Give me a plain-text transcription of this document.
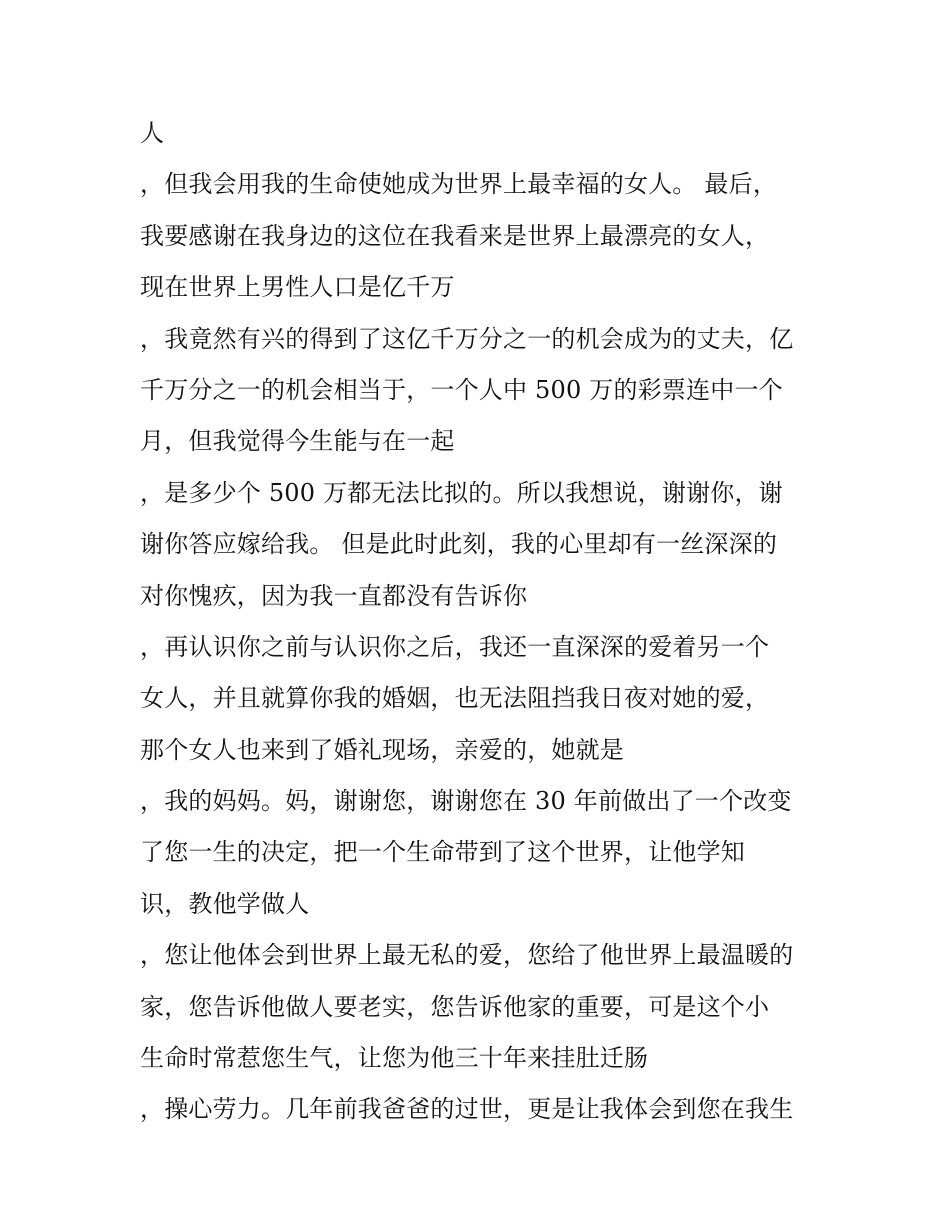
人
，但我会用我的生命使她成为世界上最幸福的女人。 最后，
我要感谢在我身边的这位在我看来是世界上最漂亮的女人，
现在世界上男性人口是亿千万
，我竟然有兴的得到了这亿千万分之一的机会成为的丈夫，亿
千万分之一的机会相当于，一个人中 500 万的彩票连中一个
月，但我觉得今生能与在一起
，是多少个 500 万都无法比拟的。所以我想说，谢谢你，谢
谢你答应嫁给我。 但是此时此刻，我的心里却有一丝深深的
对你愧疚，因为我一直都没有告诉你
，再认识你之前与认识你之后，我还一直深深的爱着另一个
女人，并且就算你我的婚姻，也无法阻挡我日夜对她的爱，
那个女人也来到了婚礼现场，亲爱的，她就是
，我的妈妈。妈，谢谢您，谢谢您在 30 年前做出了一个改变
了您一生的决定，把一个生命带到了这个世界，让他学知
识，教他学做人
，您让他体会到世界上最无私的爱，您给了他世界上最温暖的
家，您告诉他做人要老实，您告诉他家的重要，可是这个小
生命时常惹您生气，让您为他三十年来挂肚迁肠
，操心劳力。几年前我爸爸的过世，更是让我体会到您在我生
